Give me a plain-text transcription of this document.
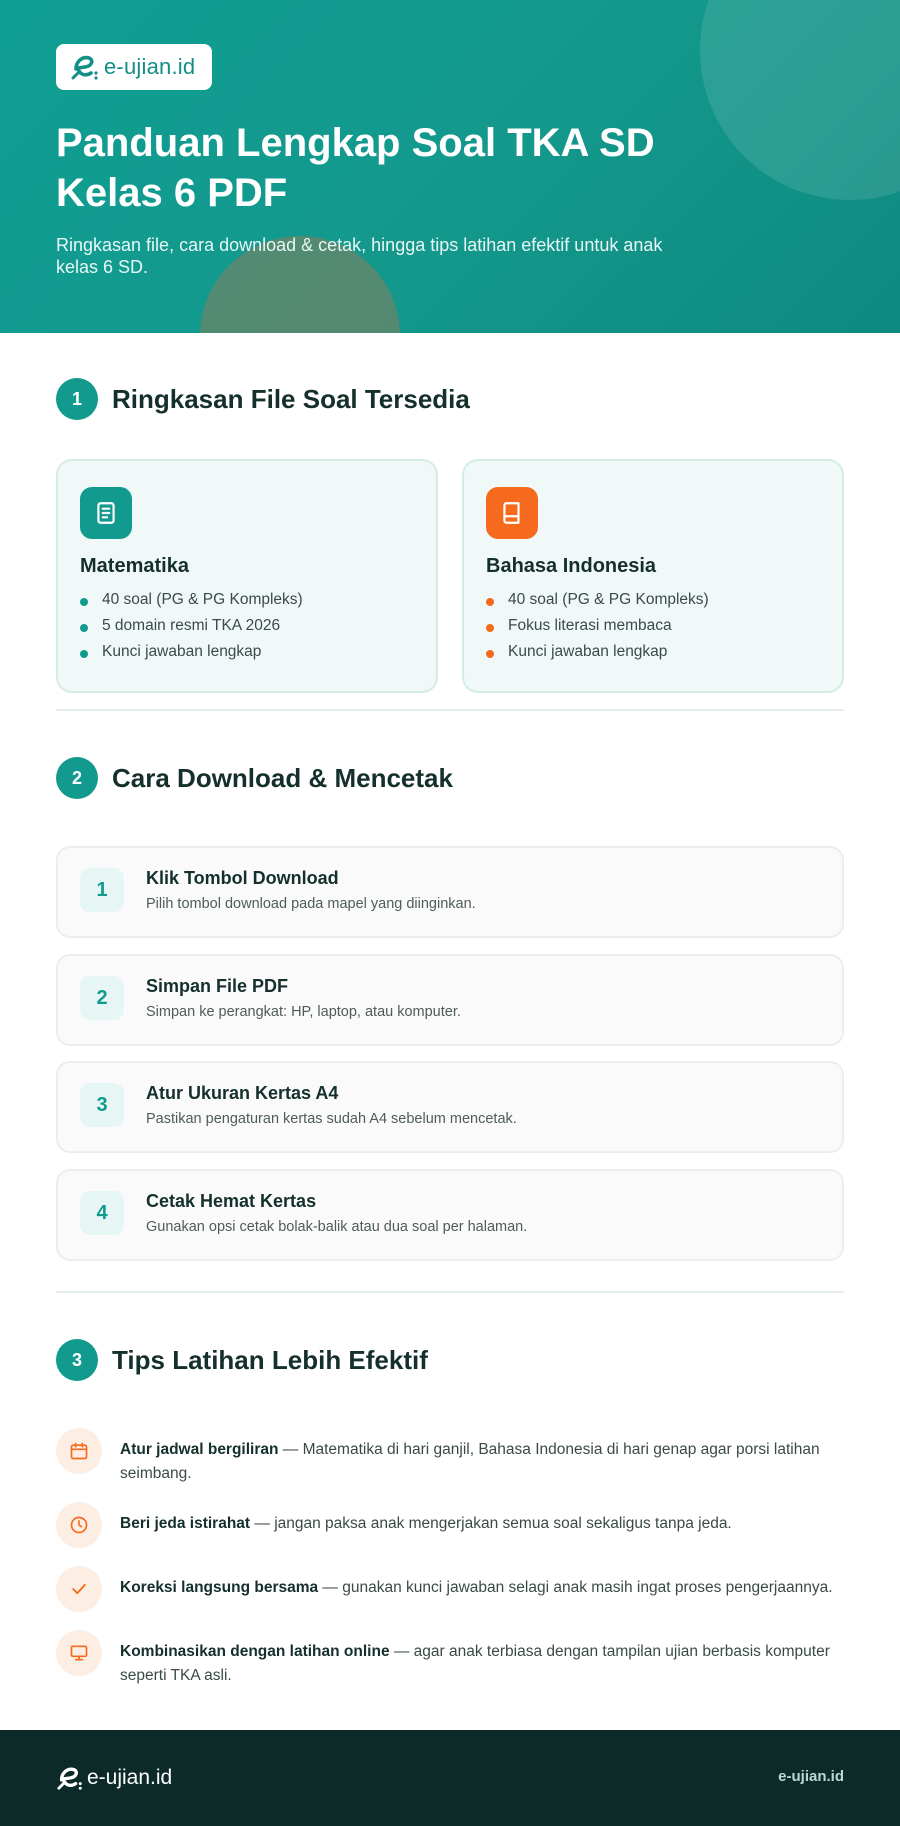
e-ujian.id
Panduan Lengkap Soal TKA SD Kelas 6 PDF

Ringkasan file, cara download & cetak, hingga tips latihan efektif untuk anak kelas 6 SD.

1	Ringkasan File Soal Tersedia
Matematika
40 soal (PG & PG Kompleks)
5 domain resmi TKA 2026
Kunci jawaban lengkap
Bahasa Indonesia
40 soal (PG & PG Kompleks)
Fokus literasi membaca
Kunci jawaban lengkap
2	Cara Download & Mencetak
1
Klik Tombol Download
Pilih tombol download pada mapel yang diinginkan.
2
Simpan File PDF
Simpan ke perangkat: HP, laptop, atau komputer.
3
Atur Ukuran Kertas A4
Pastikan pengaturan kertas sudah A4 sebelum mencetak.
4
Cetak Hemat Kertas
Gunakan opsi cetak bolak-balik atau dua soal per halaman.
3	Tips Latihan Lebih Efektif
Atur jadwal bergiliran — Matematika di hari ganjil, Bahasa Indonesia di hari genap agar porsi latihan seimbang.
Beri jeda istirahat — jangan paksa anak mengerjakan semua soal sekaligus tanpa jeda.
Koreksi langsung bersama — gunakan kunci jawaban selagi anak masih ingat proses pengerjaannya.
Kombinasikan dengan latihan online — agar anak terbiasa dengan tampilan ujian berbasis komputer seperti TKA asli.
e-ujian.id	e-ujian.id
